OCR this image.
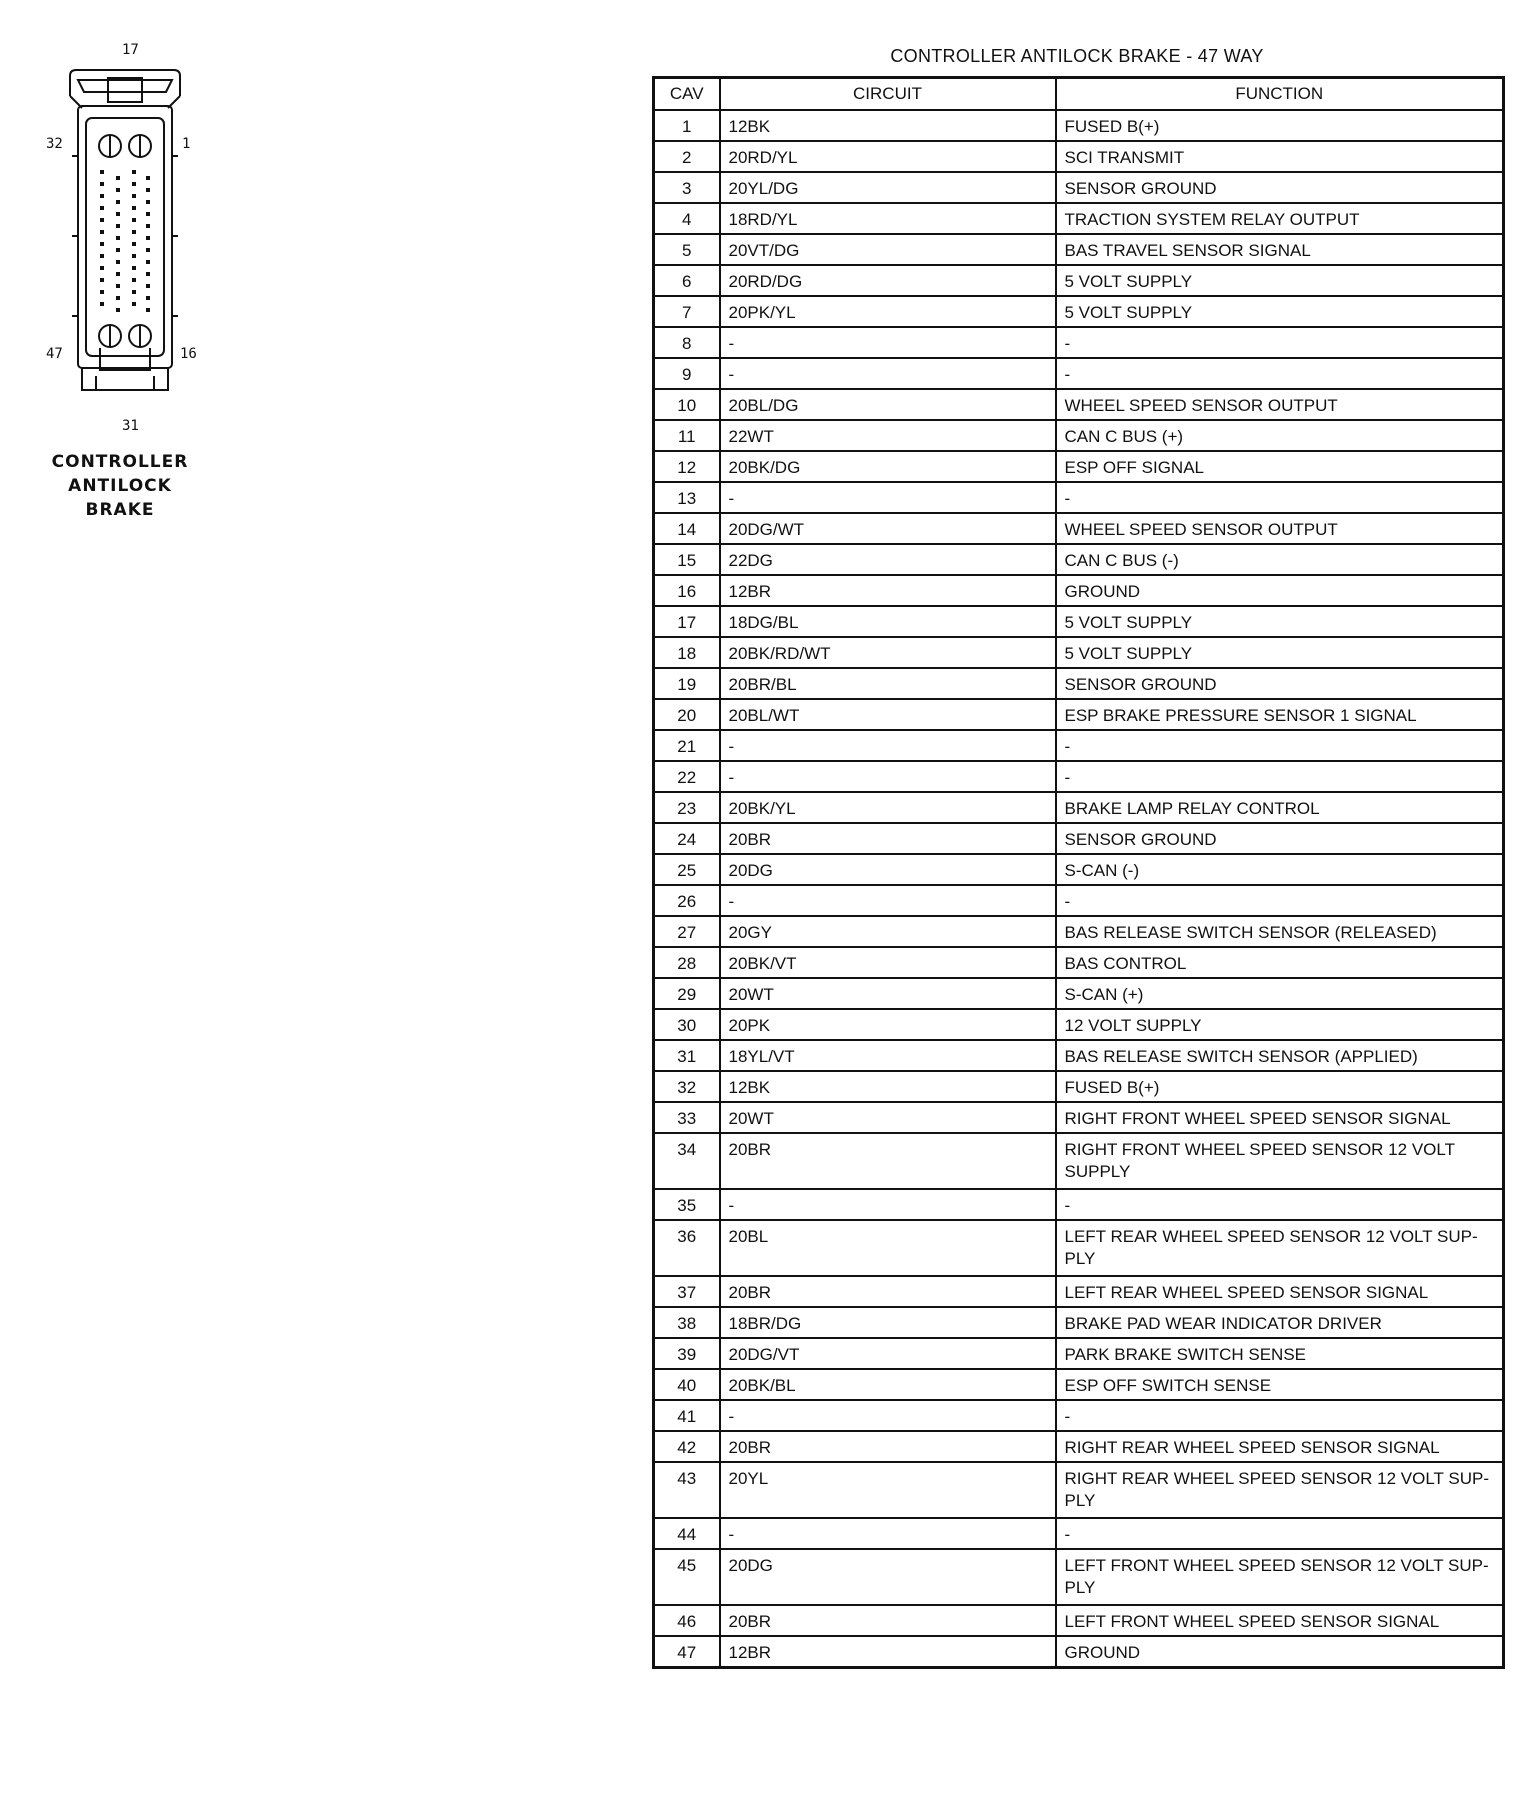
17
32	1
47	16
31
CONTROLLER
ANTILOCK
BRAKE
CONTROLLER ANTILOCK BRAKE - 47 WAY
CAV	CIRCUIT	FUNCTION
1	12BK	FUSED B(+)
2	20RD/YL	SCI TRANSMIT
3	20YL/DG	SENSOR GROUND
4	18RD/YL	TRACTION SYSTEM RELAY OUTPUT
5	20VT/DG	BAS TRAVEL SENSOR SIGNAL
6	20RD/DG	5 VOLT SUPPLY
7	20PK/YL	5 VOLT SUPPLY
8	-	-
9	-	-
10	20BL/DG	WHEEL SPEED SENSOR OUTPUT
11	22WT	CAN C BUS (+)
12	20BK/DG	ESP OFF SIGNAL
13	-	-
14	20DG/WT	WHEEL SPEED SENSOR OUTPUT
15	22DG	CAN C BUS (-)
16	12BR	GROUND
17	18DG/BL	5 VOLT SUPPLY
18	20BK/RD/WT	5 VOLT SUPPLY
19	20BR/BL	SENSOR GROUND
20	20BL/WT	ESP BRAKE PRESSURE SENSOR 1 SIGNAL
21	-	-
22	-	-
23	20BK/YL	BRAKE LAMP RELAY CONTROL
24	20BR	SENSOR GROUND
25	20DG	S-CAN (-)
26	-	-
27	20GY	BAS RELEASE SWITCH SENSOR (RELEASED)
28	20BK/VT	BAS CONTROL
29	20WT	S-CAN (+)
30	20PK	12 VOLT SUPPLY
31	18YL/VT	BAS RELEASE SWITCH SENSOR (APPLIED)
32	12BK	FUSED B(+)
33	20WT	RIGHT FRONT WHEEL SPEED SENSOR SIGNAL
34	20BR	RIGHT FRONT WHEEL SPEED SENSOR 12 VOLT SUPPLY
35	-	-
36	20BL	LEFT REAR WHEEL SPEED SENSOR 12 VOLT SUP-PLY
37	20BR	LEFT REAR WHEEL SPEED SENSOR SIGNAL
38	18BR/DG	BRAKE PAD WEAR INDICATOR DRIVER
39	20DG/VT	PARK BRAKE SWITCH SENSE
40	20BK/BL	ESP OFF SWITCH SENSE
41	-	-
42	20BR	RIGHT REAR WHEEL SPEED SENSOR SIGNAL
43	20YL	RIGHT REAR WHEEL SPEED SENSOR 12 VOLT SUP-PLY
44	-	-
45	20DG	LEFT FRONT WHEEL SPEED SENSOR 12 VOLT SUP-PLY
46	20BR	LEFT FRONT WHEEL SPEED SENSOR SIGNAL
47	12BR	GROUND
